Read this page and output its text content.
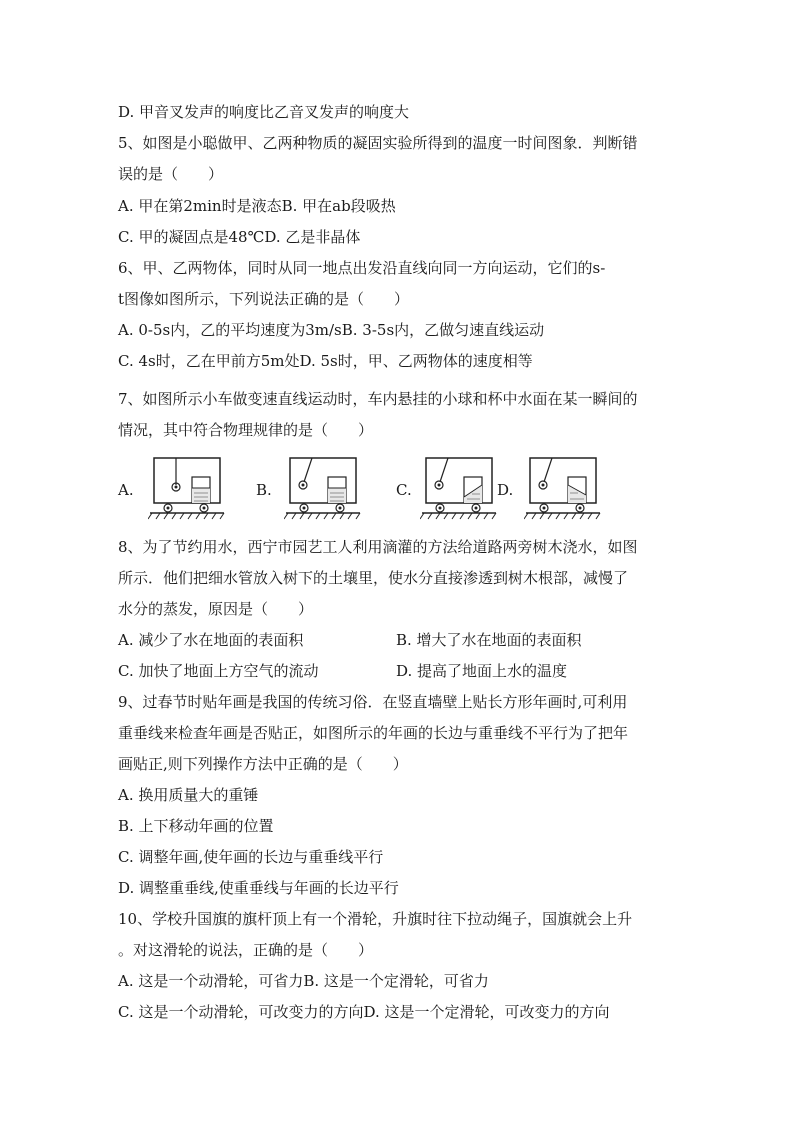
D. 甲音叉发声的响度比乙音叉发声的响度大
5、如图是小聪做甲、乙两种物质的凝固实验所得到的温度一时间图象．判断错
误的是（　　）
A. 甲在第2min时是液态B. 甲在ab段吸热
C. 甲的凝固点是48℃D. 乙是非晶体
6、甲、乙两物体，同时从同一地点出发沿直线向同一方向运动，它们的s-
t图像如图所示，下列说法正确的是（　　）
A. 0-5s内，乙的平均速度为3m/sB. 3-5s内，乙做匀速直线运动
C. 4s时，乙在甲前方5m处D. 5s时，甲、乙两物体的速度相等
7、如图所示小车做变速直线运动时，车内悬挂的小球和杯中水面在某一瞬间的
情况，其中符合物理规律的是（　　）
A.	B.	C.	D.
8、为了节约用水，西宁市园艺工人利用滴灌的方法给道路两旁树木浇水，如图
所示．他们把细水管放入树下的土壤里，使水分直接渗透到树木根部，减慢了
水分的蒸发，原因是（　　）
A. 减少了水在地面的表面积	B. 增大了水在地面的表面积
C. 加快了地面上方空气的流动	D. 提高了地面上水的温度
9、过春节时贴年画是我国的传统习俗．在竖直墙壁上贴长方形年画时,可利用
重垂线来检查年画是否贴正，如图所示的年画的长边与重垂线不平行为了把年
画贴正,则下列操作方法中正确的是（　　）
A. 换用质量大的重锤
B. 上下移动年画的位置
C. 调整年画,使年画的长边与重垂线平行
D. 调整重垂线,使重垂线与年画的长边平行
10、学校升国旗的旗杆顶上有一个滑轮，升旗时往下拉动绳子，国旗就会上升
。对这滑轮的说法，正确的是（　　）
A. 这是一个动滑轮，可省力B. 这是一个定滑轮，可省力
C. 这是一个动滑轮，可改变力的方向D. 这是一个定滑轮，可改变力的方向
